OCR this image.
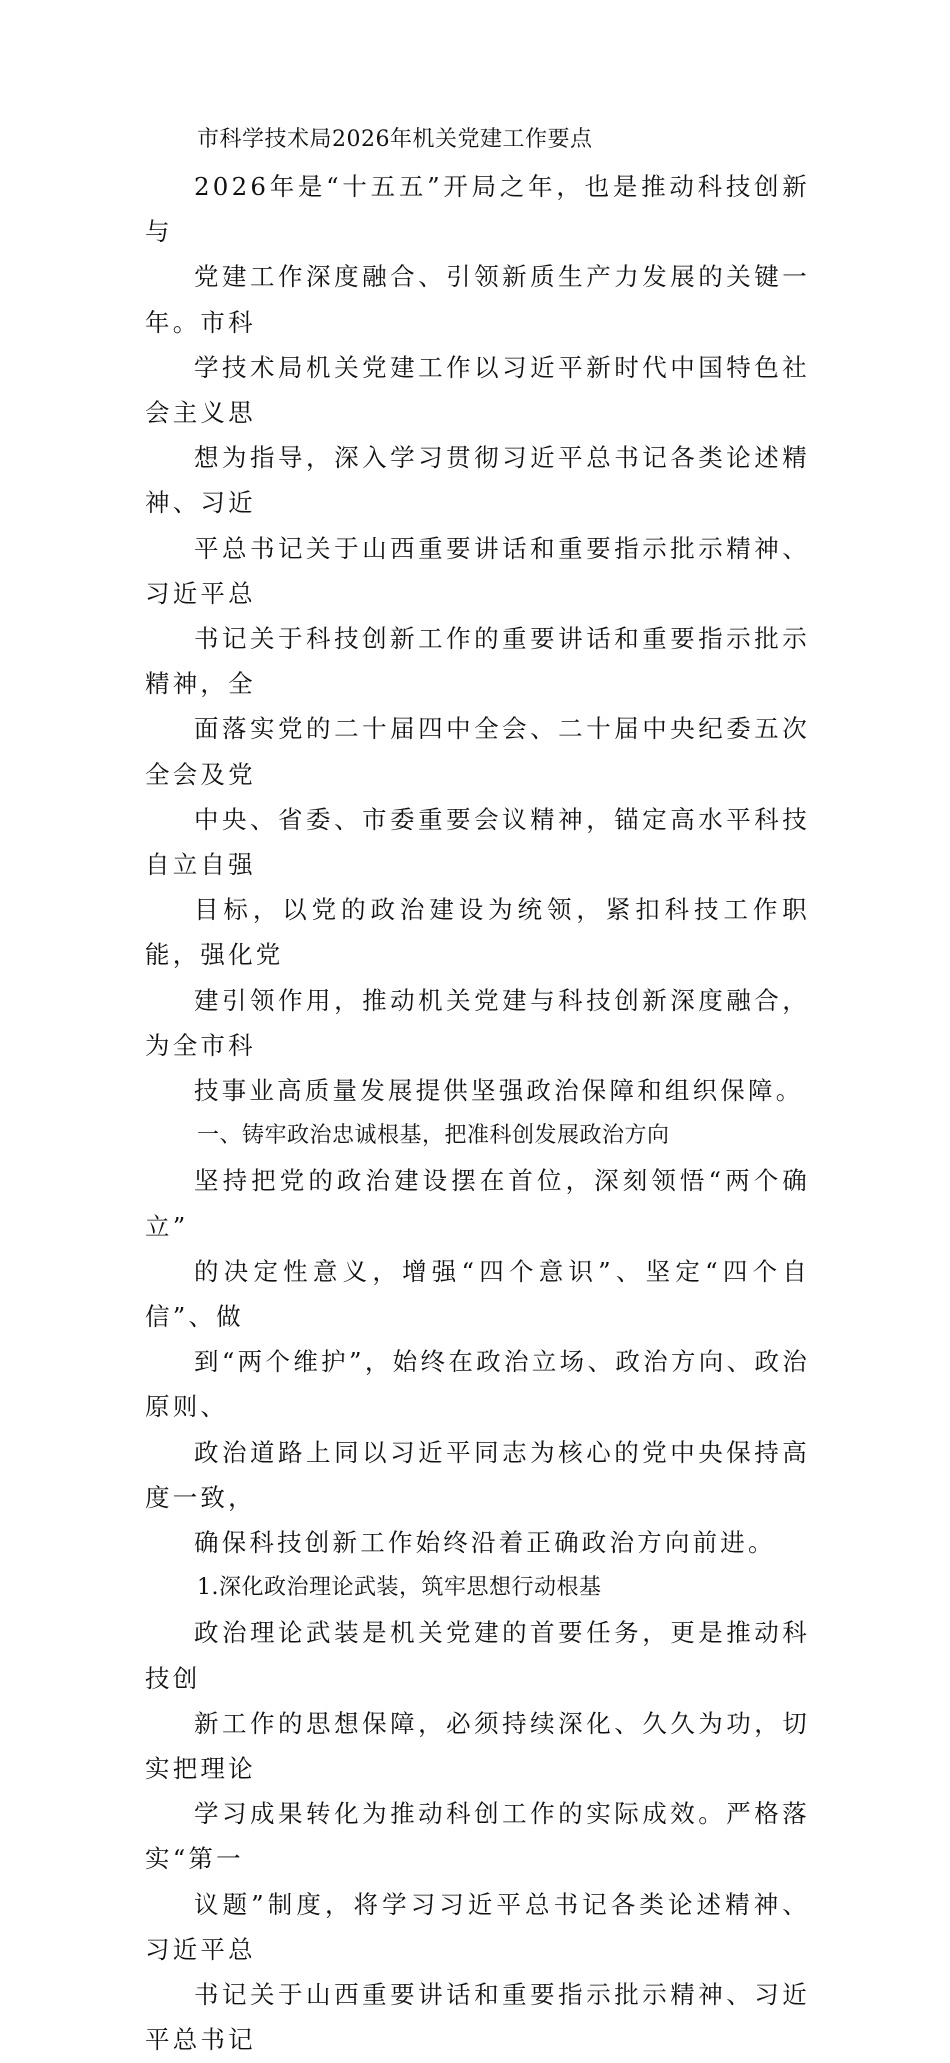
市科学技术局2026年机关党建工作要点

2026年是“十五五”开局之年，也是推动科技创新与
党建工作深度融合、引领新质生产力发展的关键一年。市科
学技术局机关党建工作以习近平新时代中国特色社会主义思
想为指导，深入学习贯彻习近平总书记各类论述精神、习近
平总书记关于山西重要讲话和重要指示批示精神、习近平总
书记关于科技创新工作的重要讲话和重要指示批示精神，全
面落实党的二十届四中全会、二十届中央纪委五次全会及党
中央、省委、市委重要会议精神，锚定高水平科技自立自强
目标，以党的政治建设为统领，紧扣科技工作职能，强化党
建引领作用，推动机关党建与科技创新深度融合，为全市科
技事业高质量发展提供坚强政治保障和组织保障。

一、铸牢政治忠诚根基，把准科创发展政治方向

坚持把党的政治建设摆在首位，深刻领悟“两个确立”
的决定性意义，增强“四个意识”、坚定“四个自信”、做
到“两个维护”，始终在政治立场、政治方向、政治原则、
政治道路上同以习近平同志为核心的党中央保持高度一致，
确保科技创新工作始终沿着正确政治方向前进。

1.深化政治理论武装，筑牢思想行动根基

政治理论武装是机关党建的首要任务，更是推动科技创
新工作的思想保障，必须持续深化、久久为功，切实把理论
学习成果转化为推动科创工作的实际成效。严格落实“第一
议题”制度，将学习习近平总书记各类论述精神、习近平总
书记关于山西重要讲话和重要指示批示精神、习近平总书记
